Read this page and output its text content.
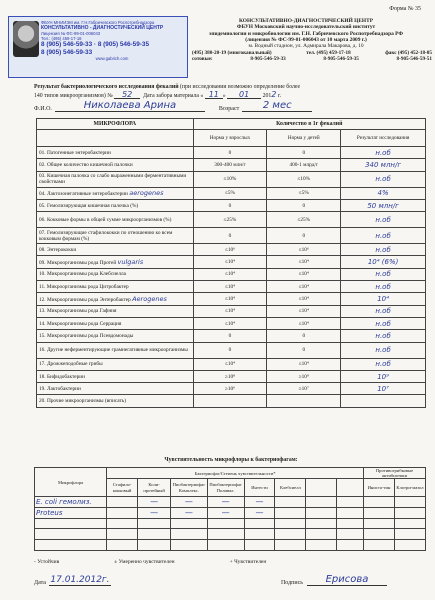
Форма № 35
ФБУН МНИИЭМ им. Г.Н.Габричевского Роспотребнадзора
КОНСУЛЬТАТИВНО - ДИАГНОСТИЧЕСКИЙ ЦЕНТР
Лицензия № ФС-99-01-006043
Тел.: (495) 459-17-18
8 (905) 546-59-33 · 8 (905) 546-59-35
8 (905) 546-59-33
www.gabrich.com
КОНСУЛЬТАТИВНО-ДИАГНОСТИЧЕСКИЙ ЦЕНТР
ФБУН Московский научно-исследовательский институт
эпидемиологии и микробиологии им. Г.Н. Габричевского Роспотребнадзора РФ
(лицензия № ФС-99-01-006043 от 10 марта 2009 г.)
м. Водный стадион, ул. Адмирала Макарова, д. 10
(495) 380-20-19 (многоканальный)	тел. (495) 459-17-18	факс (495) 452-18-05
сотовые:	8-905-546-59-33	8-905-546-59-35	8-905-546-59-51
Результат бактериологического исследования фекалий (при исследовании возможно определение более
140 типов микроорганизмов) № 52 Дата забора материала « 11 » 01 2012 г.
Ф.И.О.	Николаева Арина	Возраст	2 мес
МИКРОФЛОРА	Количество в 1г фекалий		
	Норма у взрослых	Норма у детей	Результат исследования
01. Патогенные энтеробактерии	0	0	н.об
02. Общее количество кишечной палочки	300-400 млн/г	400-1 млрд/г	340 млн/г
03. Кишечная палочка со слабо выраженными ферментативными свойствами	≤10%	≤10%	н.об
04. Лактозонегативные энтеробактерии aerogenes	≤5%	≤5%	4%
05. Гемолизирующая кишечная палочка (%)	0	0	50 млн/г
06. Кокковые формы в общей сумме микроорганизмов (%)	≤25%	≤25%	н.об
07. Гемолизирующие стафилококки по отношению ко всем кокковым формам (%)	0	0	н.об
08. Энтерококки	≤10⁶	≤10⁶	н.об
09. Микроорганизмы рода Протей vulgaris	≤10⁴	≤10⁴	10⁴ (6%)
10. Микроорганизмы рода Клебсиелла	≤10⁴	≤10⁴	н.об
11. Микроорганизмы рода Цитробактер	≤10⁴	≤10⁴	н.об
12. Микроорганизмы рода Энтеробактер Aerogenes	≤10⁴	≤10⁴	10⁴
13. Микроорганизмы рода Гафния	≤10⁴	≤10⁴	н.об
14. Микроорганизмы рода Серрация	≤10⁴	≤10⁴	н.об
15. Микроорганизмы рода Псевдомонады	0	0	н.об
16. Другие неферментирующие грамнегативные микроорганизмы	0	0	н.об
17. Дрожжеподобные грибы	≤10⁴	≤10⁴	н.об
18. Бифидобактерии	≥10⁸	≥10⁹	10⁹
19. Лактобактерии	≥10⁶	≥10⁷	10⁷
20. Прочие микроорганизмы (вписать)			
Чувствительность микрофлоры к бактериофагам:
Микрофлора	Бактериофаг/Степень чувствительности*								Противогрибковые антибиотики	
	Стафило-кокковый	Коли-протейный	Пиобактериофаг Комплекс.	Пиобактериофаг Поливал.	Интести	Клебсиелл			Иниста-тин	Клотри-мазол
E. coli гемолиз.		—	—	—	—					
Proteus		—	—	—	—					

- Устойчив	± Умеренно чувствителен	+ Чувствителен
Дата 17.01.2012г.	Подпись	Ерисова
